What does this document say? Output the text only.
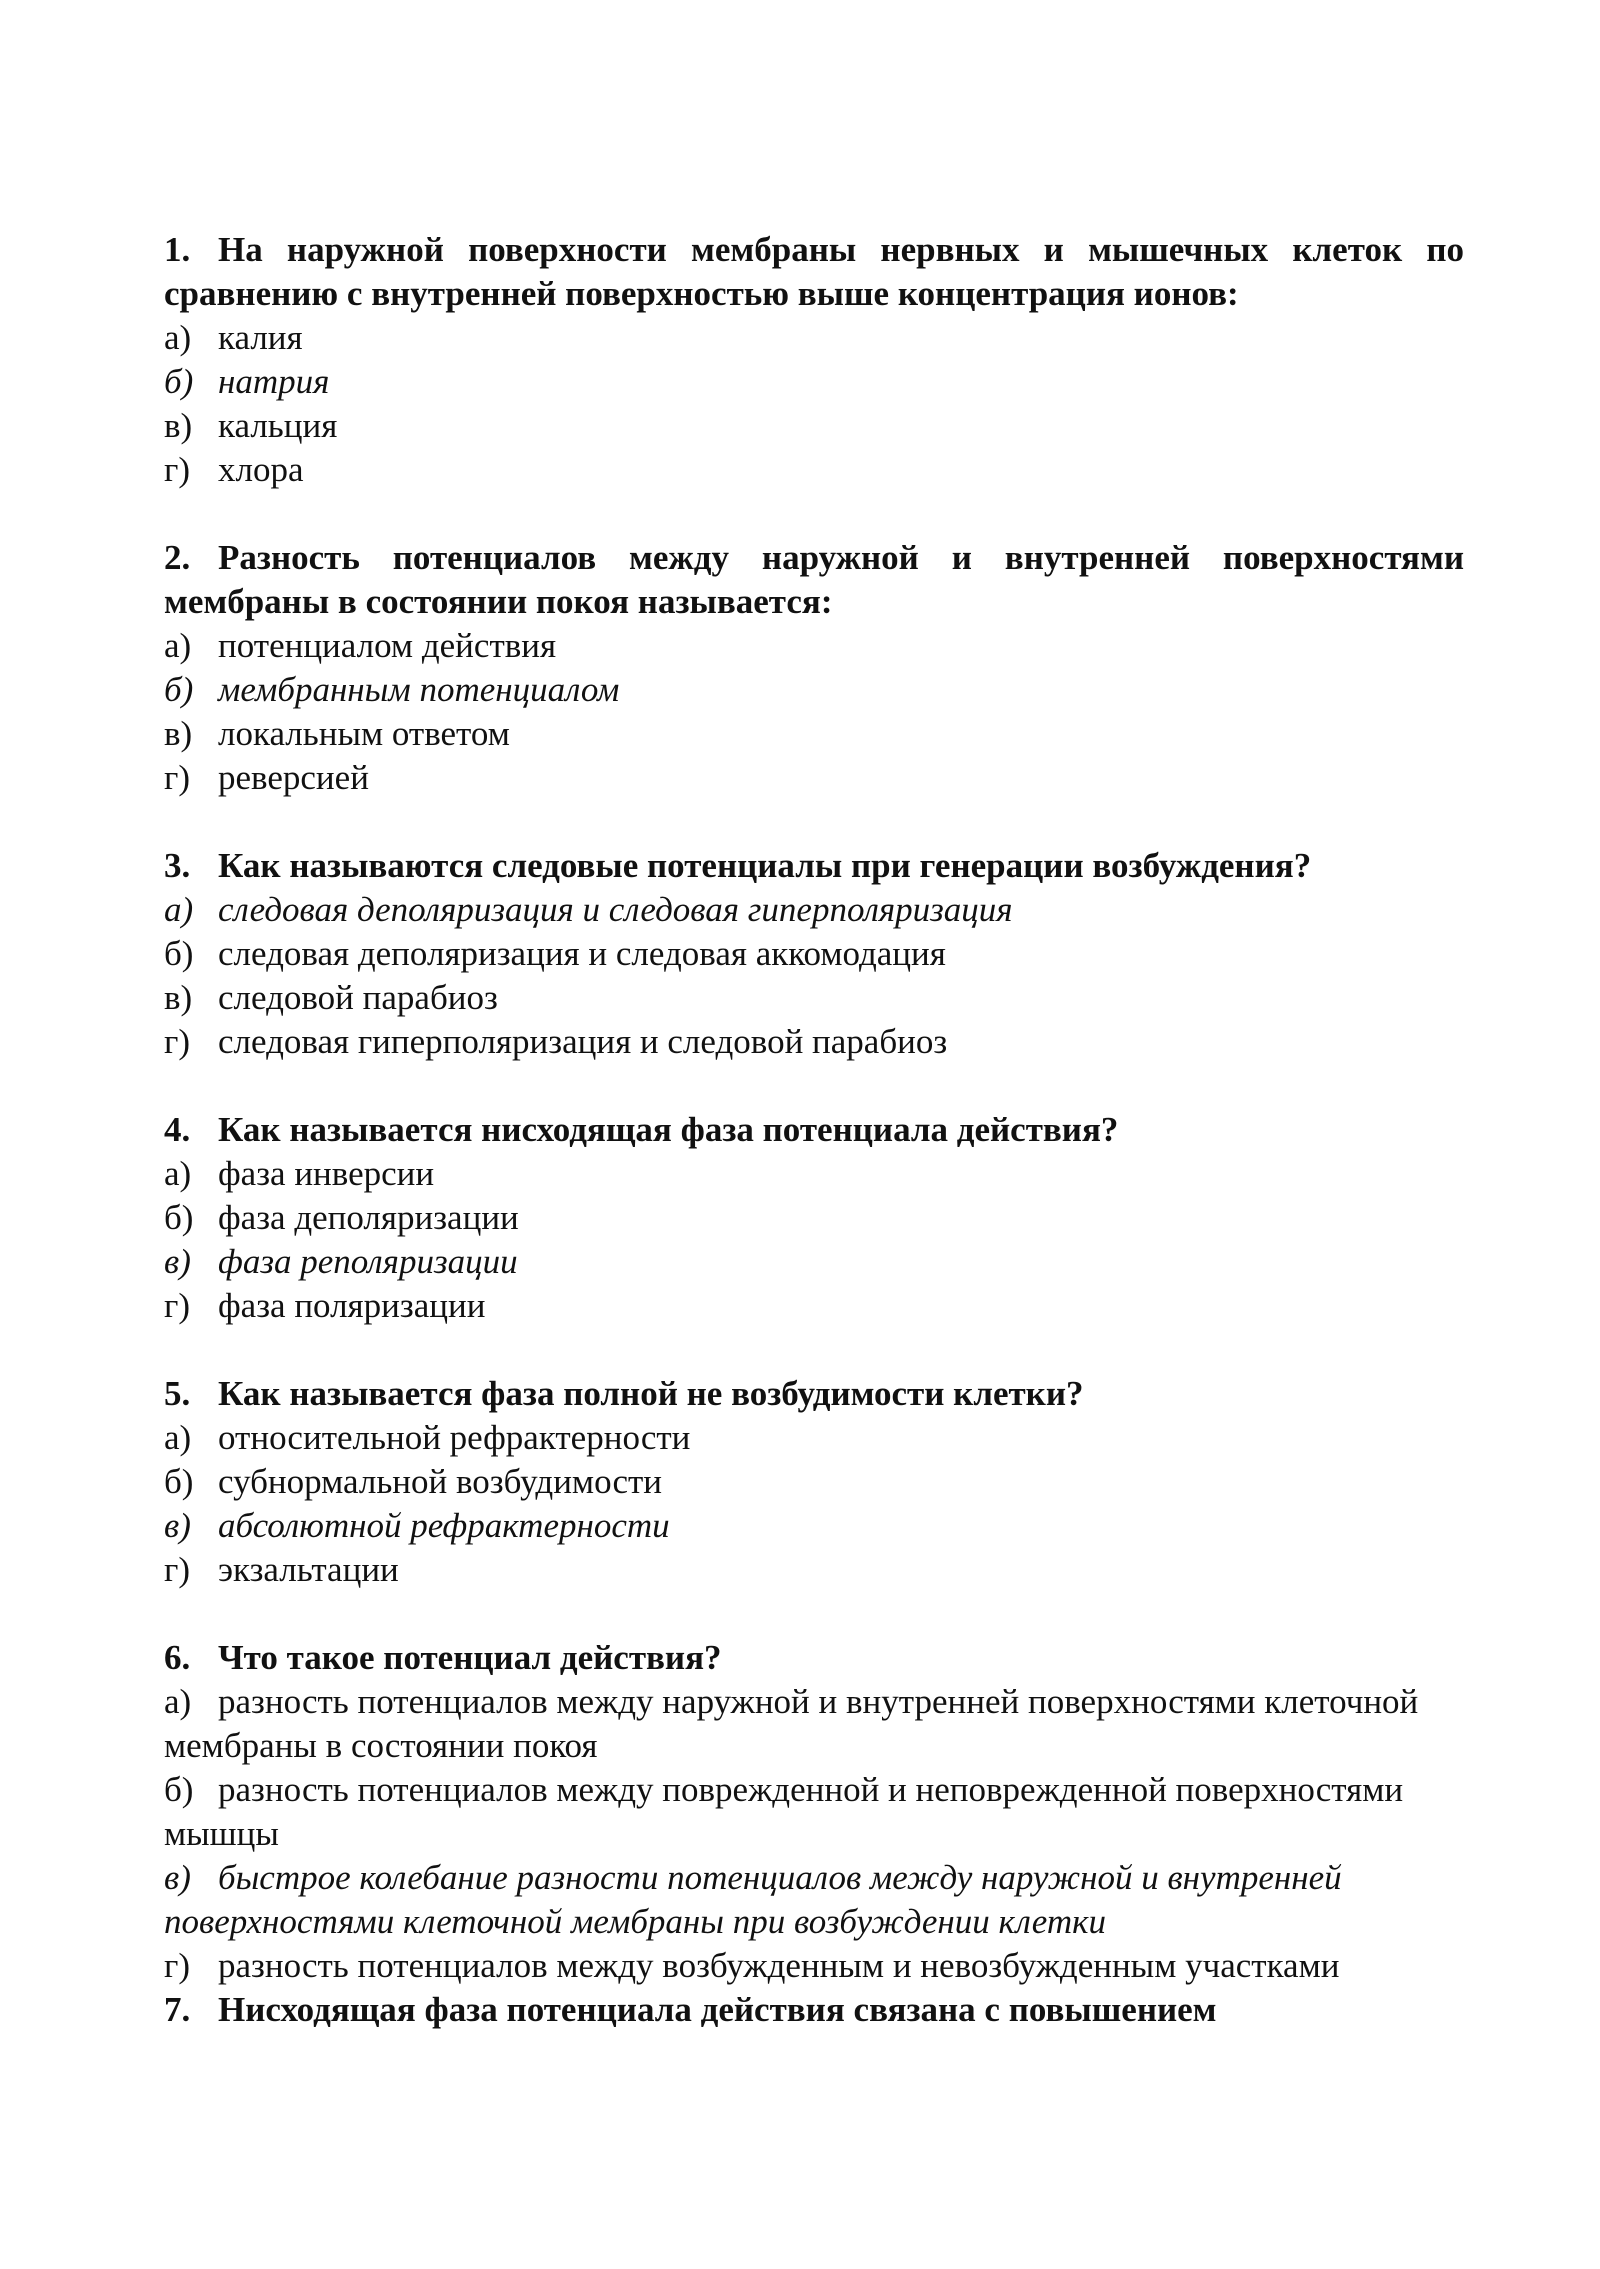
1. На наружной поверхности мембраны нервных и мышечных клеток по сравнению с внутренней поверхностью выше концентрация ионов:

а) калия

б) натрия

в) кальция

г) хлора

2. Разность потенциалов между наружной и внутренней поверхностями мембраны в состоянии покоя называется:

а) потенциалом действия

б) мембранным потенциалом

в) локальным ответом

г) реверсией

3. Как называются следовые потенциалы при генерации возбуждения?

а) следовая деполяризация и следовая гиперполяризация

б) следовая деполяризация и следовая аккомодация

в) следовой парабиоз

г) следовая гиперполяризация и следовой парабиоз

4. Как называется нисходящая фаза потенциала действия?

а) фаза инверсии

б) фаза деполяризации

в) фаза реполяризации

г) фаза поляризации

5. Как называется фаза полной не возбудимости клетки?

а) относительной рефрактерности

б) субнормальной возбудимости

в) абсолютной рефрактерности

г) экзальтации

6. Что такое потенциал действия?

а) разность потенциалов между наружной и внутренней поверхностями клеточной мембраны в состоянии покоя

б) разность потенциалов между поврежденной и неповрежденной поверхностями мышцы

в) быстрое колебание разности потенциалов между наружной и внутренней поверхностями клеточной мембраны при возбуждении клетки

г) разность потенциалов между возбужденным и невозбужденным участками

7. Нисходящая фаза потенциала действия связана с повышением
